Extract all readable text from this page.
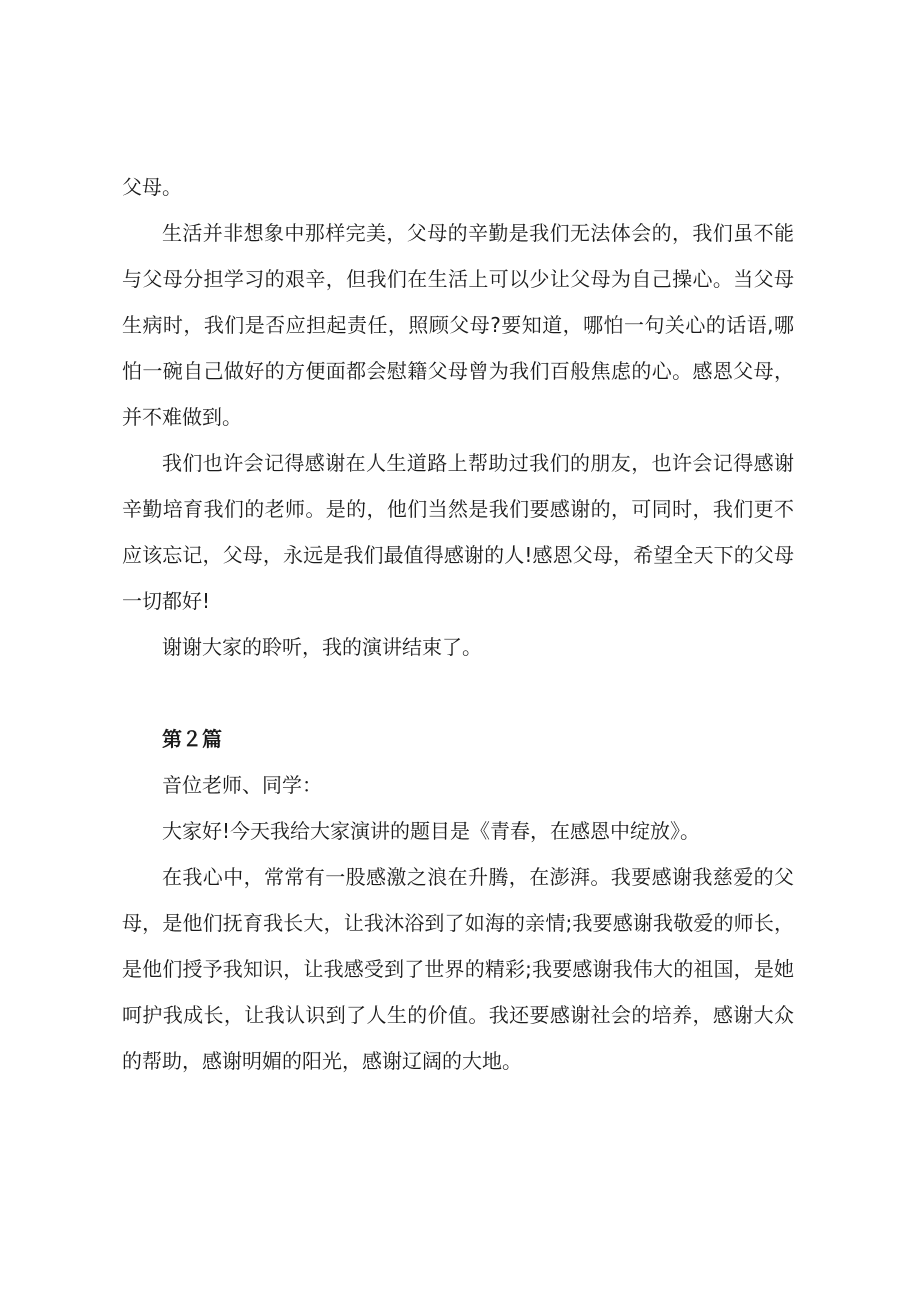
父母。

生活并非想象中那样完美，父母的辛勤是我们无法体会的，我们虽不能与父母分担学习的艰辛，但我们在生活上可以少让父母为自己操心。当父母生病时，我们是否应担起责任，照顾父母?要知道，哪怕一句关心的话语,哪怕一碗自己做好的方便面都会慰籍父母曾为我们百般焦虑的心。感恩父母，并不难做到。

我们也许会记得感谢在人生道路上帮助过我们的朋友，也许会记得感谢辛勤培育我们的老师。是的，他们当然是我们要感谢的，可同时，我们更不应该忘记，父母，永远是我们最值得感谢的人!感恩父母，希望全天下的父母一切都好!

谢谢大家的聆听，我的演讲结束了。

第２篇

音位老师、同学：

大家好!今天我给大家演讲的题目是《青春，在感恩中绽放》。

在我心中，常常有一股感激之浪在升腾，在澎湃。我要感谢我慈爱的父母，是他们抚育我长大，让我沐浴到了如海的亲情;我要感谢我敬爱的师长，是他们授予我知识，让我感受到了世界的精彩;我要感谢我伟大的祖国，是她呵护我成长，让我认识到了人生的价值。我还要感谢社会的培养，感谢大众的帮助，感谢明媚的阳光，感谢辽阔的大地。
